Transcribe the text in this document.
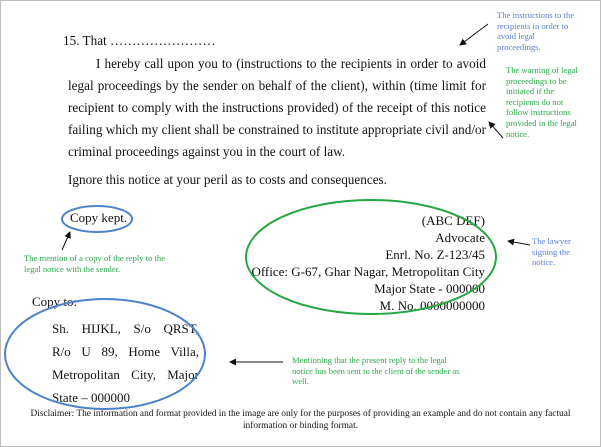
15. That ……………………
I hereby call upon you to (instructions to the recipients in order to avoid legal proceedings by the sender on behalf of the client), within (time limit for recipient to comply with the instructions provided) of the receipt of this notice failing which my client shall be constrained to institute appropriate civil and/or criminal proceedings against you in the court of law.
Ignore this notice at your peril as to costs and consequences.
Copy kept.	(ABC DEF)
Advocate
Enrl. No. Z-123/45
Office: G-67, Ghar Nagar, Metropolitan City
Major State - 000000
M. No. 0000000000
Copy to:
Sh. HIJKL, S/o QRST,
R/o U 89, Home Villa,
Metropolitan City, Major
State – 000000
The instructions to the recipients in order to avoid legal proceedings.
The warning of legal proceedings to be initiated if the recipients do not follow instructions provided in the legal notice.
The mention of a copy of the reply to the legal notice with the sender.
The lawyer signing the notice.
Mentioning that the present reply to the legal notice has been sent to the client of the sender as well.
Disclaimer: The information and format provided in the image are only for the purposes of providing an example and do not contain any factual information or binding format.
